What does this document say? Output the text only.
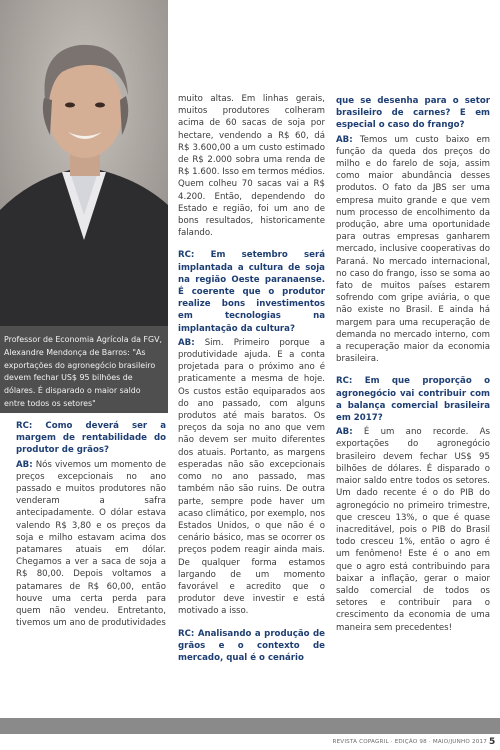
Professor de Economia Agrícola da FGV, Alexandre Mendonça de Barros: "As exportações do agronegócio brasileiro devem fechar US$ 95 bilhões de dólares. É disparado o maior saldo entre todos os setores"

RC: Como deverá ser a margem de rentabilidade do produtor de grãos?

AB: Nós vivemos um momento de preços excepcionais no ano passado e muitos produtores não venderam a safra antecipadamente. O dólar estava valendo R$ 3,80 e os preços da soja e milho estavam acima dos patamares atuais em dólar. Chegamos a ver a saca de soja a R$ 80,00. Depois voltamos a patamares de R$ 60,00, então houve uma certa perda para quem não vendeu. Entretanto, tivemos um ano de produtividades

muito altas. Em linhas gerais, muitos produtores colheram acima de 60 sacas de soja por hectare, vendendo a R$ 60, dá R$ 3.600,00 a um custo estimado de R$ 2.000 sobra uma renda de R$ 1.600. Isso em termos médios. Quem colheu 70 sacas vai a R$ 4.200. Então, dependendo do Estado e região, foi um ano de bons resultados, historicamente falando.

RC: Em setembro será implantada a cultura de soja na região Oeste paranaense. É coerente que o produtor realize bons investimentos em tecnologias na implantação da cultura?

AB: Sim. Primeiro porque a produtividade ajuda. E a conta projetada para o próximo ano é praticamente a mesma de hoje. Os custos estão equiparados aos do ano passado, com alguns produtos até mais baratos. Os preços da soja no ano que vem não devem ser muito diferentes dos atuais. Portanto, as margens esperadas não são excepcionais como no ano passado, mas também não são ruins. De outra parte, sempre pode haver um acaso climático, por exemplo, nos Estados Unidos, o que não é o cenário básico, mas se ocorrer os preços podem reagir ainda mais. De qualquer forma estamos largando de um momento favorável e acredito que o produtor deve investir e está motivado a isso.

RC: Analisando a produção de grãos e o contexto de mercado, qual é o cenário

que se desenha para o setor brasileiro de carnes? E em especial o caso do frango?

AB: Temos um custo baixo em função da queda dos preços do milho e do farelo de soja, assim como maior abundância desses produtos. O fato da JBS ser uma empresa muito grande e que vem num processo de encolhimento da produção, abre uma oportunidade para outras empresas ganharem mercado, inclusive cooperativas do Paraná. No mercado internacional, no caso do frango, isso se soma ao fato de muitos países estarem sofrendo com gripe aviária, o que não existe no Brasil. E ainda há margem para uma recuperação de demanda no mercado interno, com a recuperação maior da economia brasileira.

RC: Em que proporção o agronegócio vai contribuir com a balança comercial brasileira em 2017?

AB: É um ano recorde. As exportações do agronegócio brasileiro devem fechar US$ 95 bilhões de dólares. É disparado o maior saldo entre todos os setores. Um dado recente é o do PIB do agronegócio no primeiro trimestre, que cresceu 13%, o que é quase inacreditável, pois o PIB do Brasil todo cresceu 1%, então o agro é um fenômeno! Este é o ano em que o agro está contribuindo para baixar a inflação, gerar o maior saldo comercial de todos os setores e contribuir para o crescimento da economia de uma maneira sem precedentes!

REVISTA COPAGRIL · EDIÇÃO 98 · MAIO/JUNHO 2017 5
